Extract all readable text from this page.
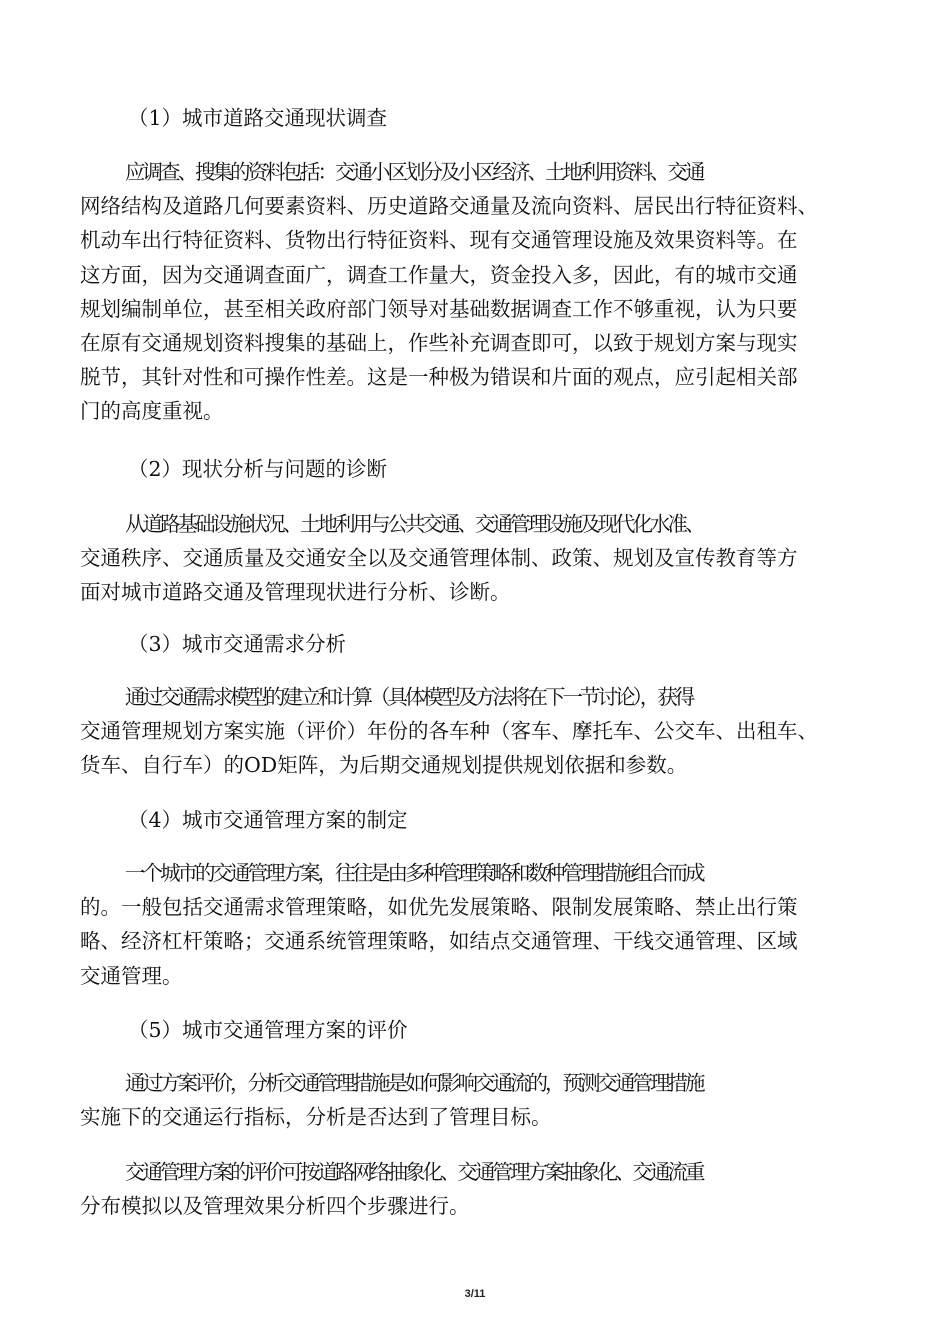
（1）城市道路交通现状调查
应调查、搜集的资料包括：交通小区划分及小区经济、土地利用资料、交通
网络结构及道路几何要素资料、历史道路交通量及流向资料、居民出行特征资料、
机动车出行特征资料、货物出行特征资料、现有交通管理设施及效果资料等。在
这方面，因为交通调查面广，调查工作量大，资金投入多，因此，有的城市交通
规划编制单位，甚至相关政府部门领导对基础数据调查工作不够重视，认为只要
在原有交通规划资料搜集的基础上，作些补充调查即可，以致于规划方案与现实
脱节，其针对性和可操作性差。这是一种极为错误和片面的观点，应引起相关部
门的高度重视。
（2）现状分析与问题的诊断
从道路基础设施状况、土地利用与公共交通、交通管理设施及现代化水准、
交通秩序、交通质量及交通安全以及交通管理体制、政策、规划及宣传教育等方
面对城市道路交通及管理现状进行分析、诊断。
（3）城市交通需求分析
通过交通需求模型的建立和计算（具体模型及方法将在下一节讨论），获得
交通管理规划方案实施（评价）年份的各车种（客车、摩托车、公交车、出租车、
货车、自行车）的OD矩阵，为后期交通规划提供规划依据和参数。
（4）城市交通管理方案的制定
一个城市的交通管理方案，往往是由多种管理策略和数种管理措施组合而成
的。一般包括交通需求管理策略，如优先发展策略、限制发展策略、禁止出行策
略、经济杠杆策略；交通系统管理策略，如结点交通管理、干线交通管理、区域
交通管理。
（5）城市交通管理方案的评价
通过方案评价，分析交通管理措施是如何影响交通流的，预测交通管理措施
实施下的交通运行指标，分析是否达到了管理目标。
交通管理方案的评价可按道路网络抽象化、交通管理方案抽象化、交通流重
分布模拟以及管理效果分析四个步骤进行。
3/11
